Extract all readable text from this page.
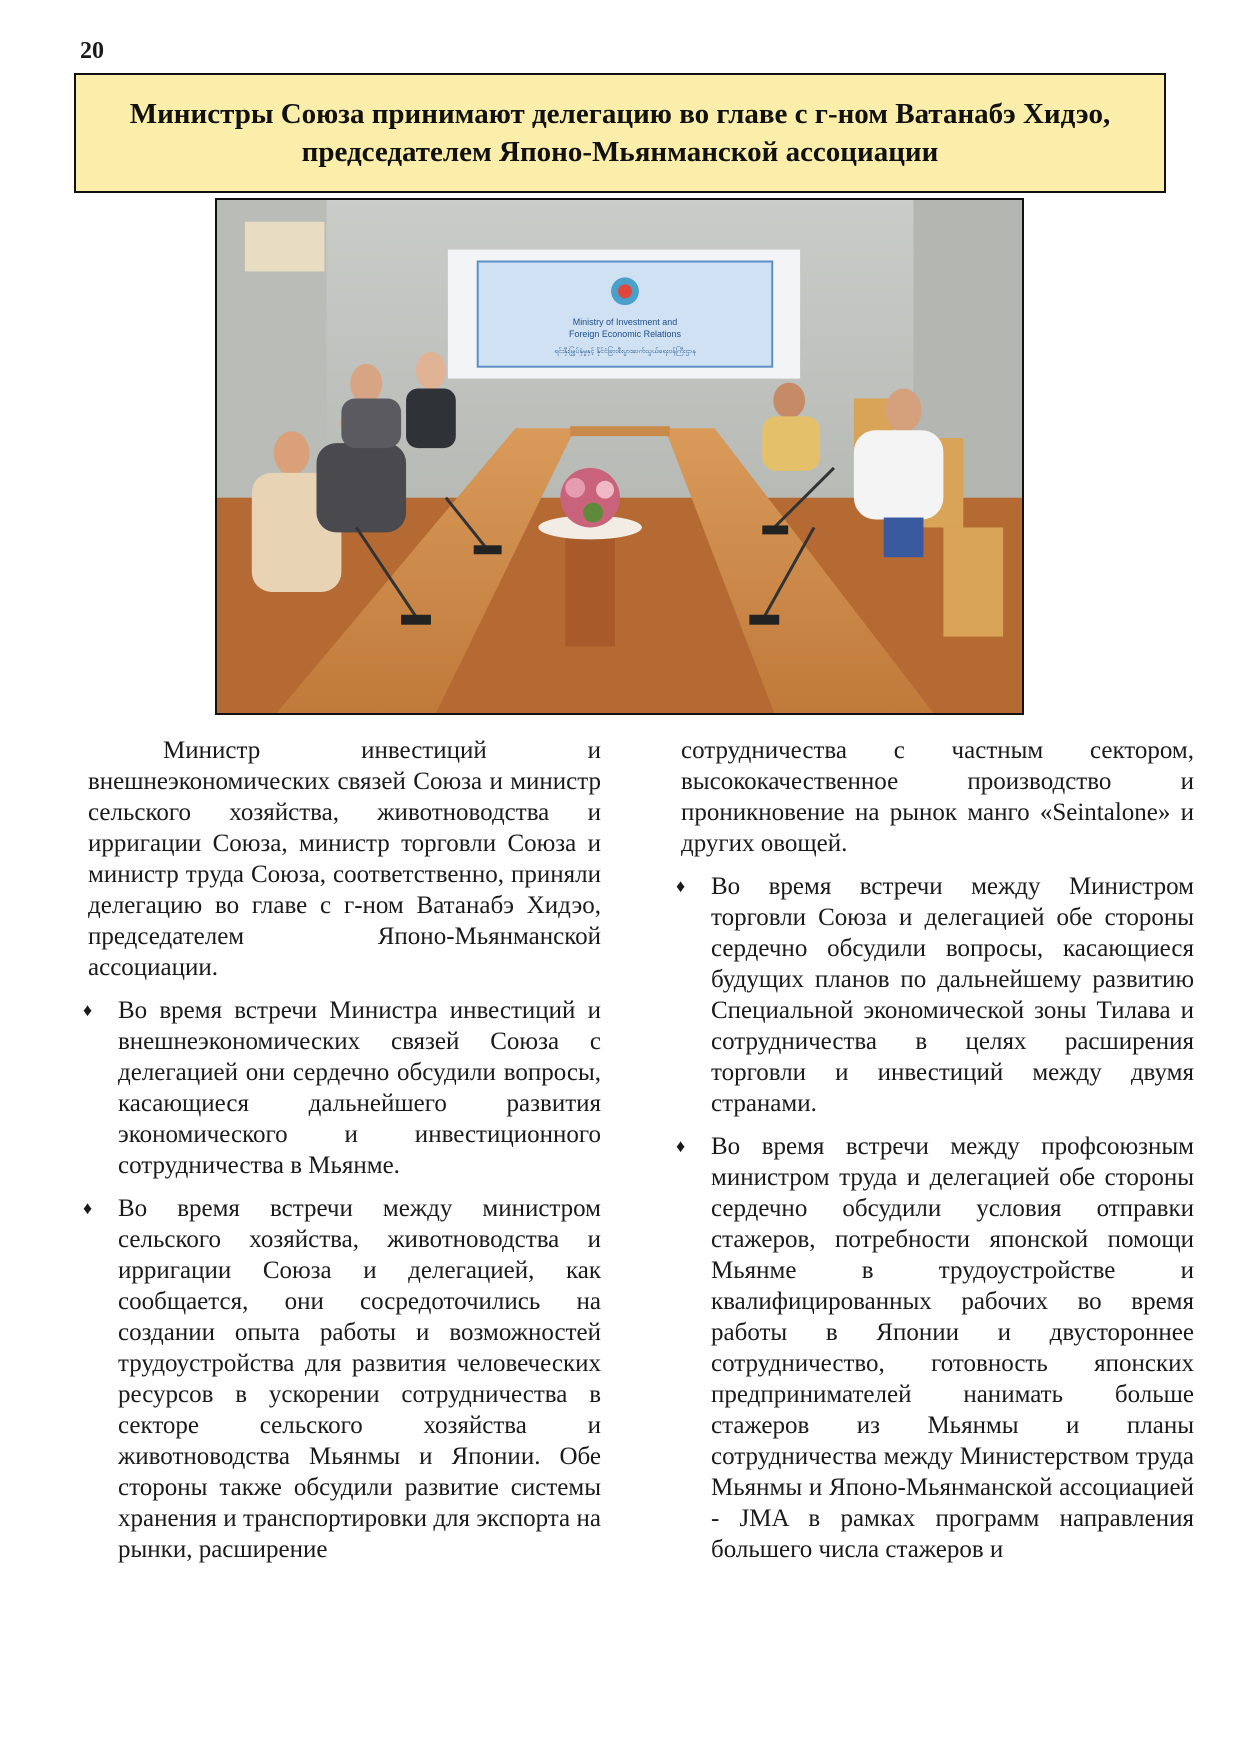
20
Министры Союза принимают делегацию во главе с г-ном Ватанабэ Хидэо, председателем Японо-Мьянманской ассоциации
Ministry of Investment and
Foreign Economic Relations
ရင်းနှီးမြှုပ်နှံမှုနှင့် နိုင်ငံခြားစီးပွားဆက်သွယ်ရေးဝန်ကြီးဌာန

Министр инвестиций и внешнеэкономических связей Союза и министр сельского хозяйства, животноводства и ирригации Союза, министр торговли Союза и министр труда Союза, соответственно, приняли делегацию во главе с г-ном Ватанабэ Хидэо, председателем Японо-Мьянманской ассоциации.

♦ Во время встречи Министра инвестиций и внешнеэкономических связей Союза с делегацией они сердечно обсудили вопросы, касающиеся дальнейшего развития экономического и инвестиционного сотрудничества в Мьянме.
♦ Во время встречи между министром сельского хозяйства, животноводства и ирригации Союза и делегацией, как сообщается, они сосредоточились на создании опыта работы и возможностей трудоустройства для развития человеческих ресурсов в ускорении сотрудничества в секторе сельского хозяйства и животноводства Мьянмы и Японии. Обе стороны также обсудили развитие системы хранения и транспортировки для экспорта на рынки, расширение

сотрудничества с частным сектором, высококачественное производство и проникновение на рынок манго «Seintalone» и других овощей.

♦ Во время встречи между Министром торговли Союза и делегацией обе стороны сердечно обсудили вопросы, касающиеся будущих планов по дальнейшему развитию Специальной экономической зоны Тилава и сотрудничества в целях расширения торговли и инвестиций между двумя странами.
♦ Во время встречи между профсоюзным министром труда и делегацией обе стороны сердечно обсудили условия отправки стажеров, потребности японской помощи Мьянме в трудоустройстве и квалифицированных рабочих во время работы в Японии и двустороннее сотрудничество, готовность японских предпринимателей нанимать больше стажеров из Мьянмы и планы сотрудничества между Министерством труда Мьянмы и Японо-Мьянманской ассоциацией - JMA в рамках программ направления большего числа стажеров и
